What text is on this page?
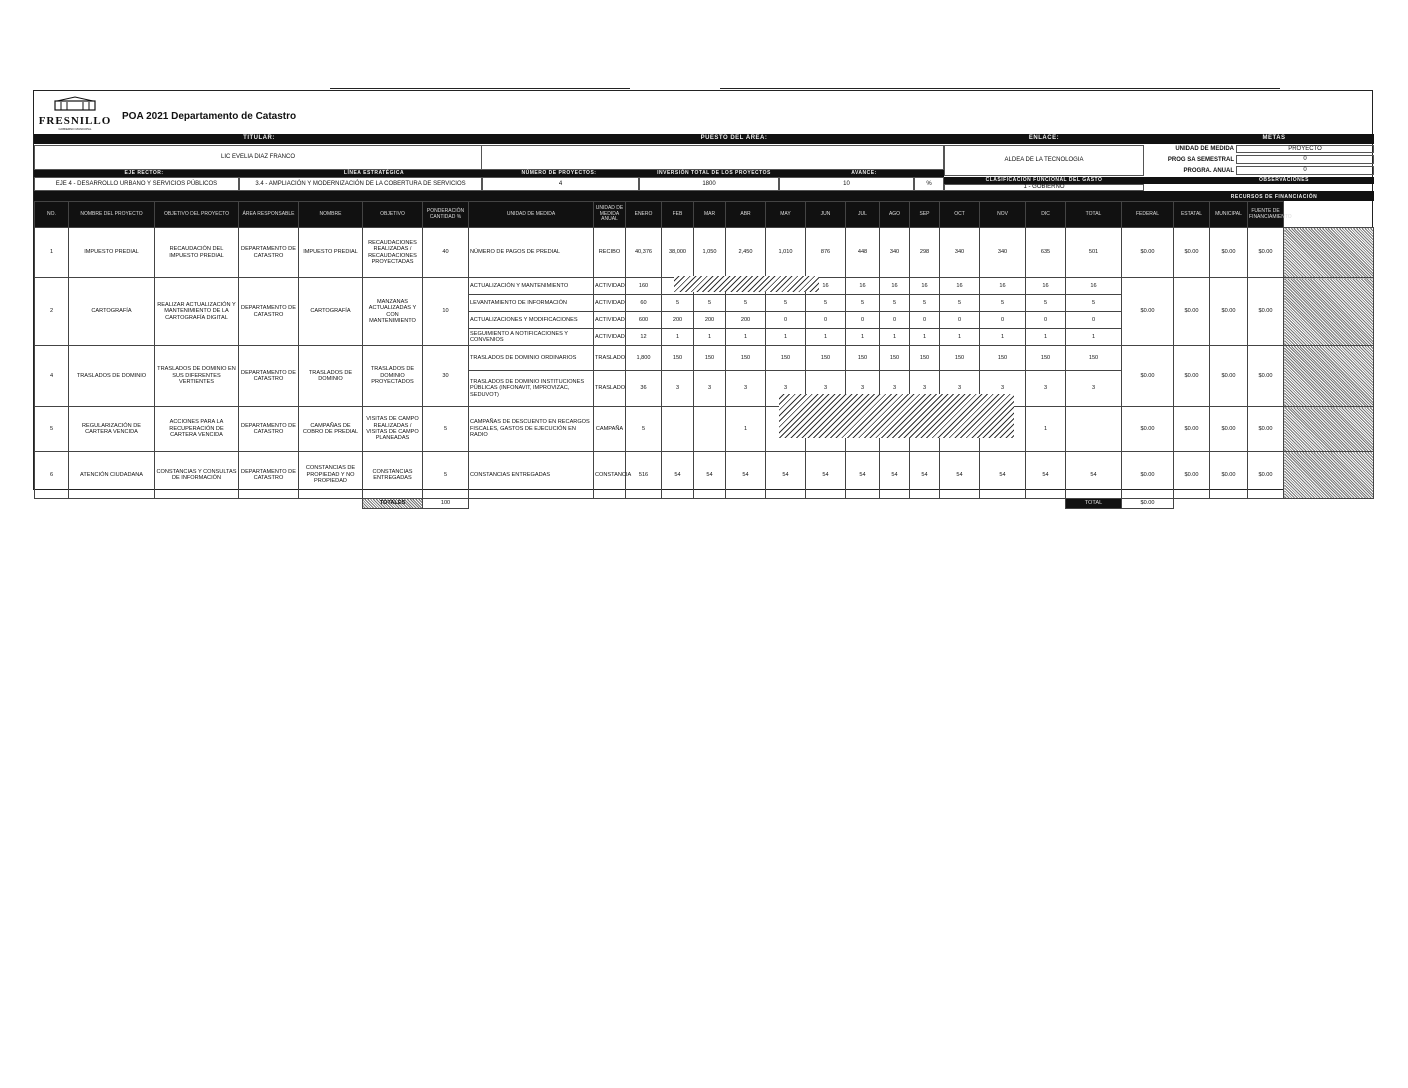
FRESNILLO
GOBIERNO MUNICIPAL
POA 2021 Departamento de Catastro
TITULAR:	PUESTO DEL ÁREA:	ENLACE:	METAS
LIC EVELIA DIAZ FRANCO	ALDEA DE LA TECNOLOGIA
UNIDAD DE MEDIDA	PROYECTO
PROG SA SEMESTRAL	0
PROGRA. ANUAL	0
EJE RECTOR:	LÍNEA ESTRATÉGICA	NÚMERO DE PROYECTOS:	INVERSIÓN TOTAL DE LOS PROYECTOS	AVANCE:
OBSERVACIONES
EJE 4 - DESARROLLO URBANO Y SERVICIOS PÚBLICOS	3.4 - AMPLIACIÓN Y MODERNIZACIÓN DE LA COBERTURA DE SERVICIOS	4	1800	10	%
CLASIFICACIÓN FUNCIONAL DEL GASTO
1 - GOBIERNO
RECURSOS DE FINANCIACIÓN
NO.	NOMBRE DEL PROYECTO	OBJETIVO DEL PROYECTO	ÁREA RESPONSABLE	NOMBRE	OBJETIVO	PONDERACIÓN CANTIDAD %	UNIDAD DE MEDIDA	UNIDAD DE MEDIDA ANUAL	ENERO	FEB	MAR	ABR	MAY	JUN	JUL	AGO	SEP	OCT	NOV	DIC	TOTAL	FEDERAL	ESTATAL	MUNICIPAL	FUENTE DE FINANCIAMIENTO	
1	IMPUESTO PREDIAL	RECAUDACIÓN DEL IMPUESTO PREDIAL	DEPARTAMENTO DE CATASTRO	IMPUESTO PREDIAL	RECAUDACIONES REALIZADAS / RECAUDACIONES PROYECTADAS	40	NÚMERO DE PAGOS DE PREDIAL	RECIBO	40,376	38,000	1,050	2,450	1,010	876	448	340	298	340	340	635	501	$0.00	$0.00	$0.00	$0.00	
2	CARTOGRAFÍA	REALIZAR ACTUALIZACIÓN Y MANTENIMIENTO DE LA CARTOGRAFÍA DIGITAL	DEPARTAMENTO DE CATASTRO	CARTOGRAFÍA	MANZANAS ACTUALIZADAS Y CON MANTENIMIENTO	10	ACTUALIZACIÓN Y MANTENIMIENTO	ACTIVIDAD	160					16	16	16	16	16	16	16	16	$0.00	$0.00	$0.00	$0.00	
							LEVANTAMIENTO DE INFORMACIÓN	ACTIVIDAD	60	5	5	5	5	5	5	5	5	5	5	5	5					
							ACTUALIZACIONES Y MODIFICACIONES	ACTIVIDAD	600	200	200	200	0	0	0	0	0	0	0	0	0					
							SEGUIMIENTO A NOTIFICACIONES Y CONVENIOS	ACTIVIDAD	12	1	1	1	1	1	1	1	1	1	1	1	1					
4	TRASLADOS DE DOMINIO	TRASLADOS DE DOMINIO EN SUS DIFERENTES VERTIENTES	DEPARTAMENTO DE CATASTRO	TRASLADOS DE DOMINIO	TRASLADOS DE DOMINIO PROYECTADOS	30	TRASLADOS DE DOMINIO ORDINARIOS	TRASLADO	1,800	150	150	150	150	150	150	150	150	150	150	150	150	$0.00	$0.00	$0.00	$0.00	
							TRASLADOS DE DOMINIO INSTITUCIONES PÚBLICAS (INFONAVIT, IMPROVIZAC, SEDUVOT)	TRASLADO	36	3	3	3	3	3	3	3	3	3	3	3	3					
5	REGULARIZACIÓN DE CARTERA VENCIDA	ACCIONES PARA LA RECUPERACIÓN DE CARTERA VENCIDA	DEPARTAMENTO DE CATASTRO	CAMPAÑAS DE COBRO DE PREDIAL	VISITAS DE CAMPO REALIZADAS / VISITAS DE CAMPO PLANEADAS	5	CAMPAÑAS DE DESCUENTO EN RECARGOS FISCALES, GASTOS DE EJECUCIÓN EN RADIO	CAMPAÑA	5			1								1		$0.00	$0.00	$0.00	$0.00	
6	ATENCIÓN CIUDADANA	CONSTANCIAS Y CONSULTAS DE INFORMACIÓN	DEPARTAMENTO DE CATASTRO	CONSTANCIAS DE PROPIEDAD Y NO PROPIEDAD	CONSTANCIAS ENTREGADAS	5	CONSTANCIAS ENTREGADAS	CONSTANCIA	516	54	54	54	54	54	54	54	54	54	54	54	54	$0.00	$0.00	$0.00	$0.00	
					TOTALES	100															TOTAL	$0.00				
